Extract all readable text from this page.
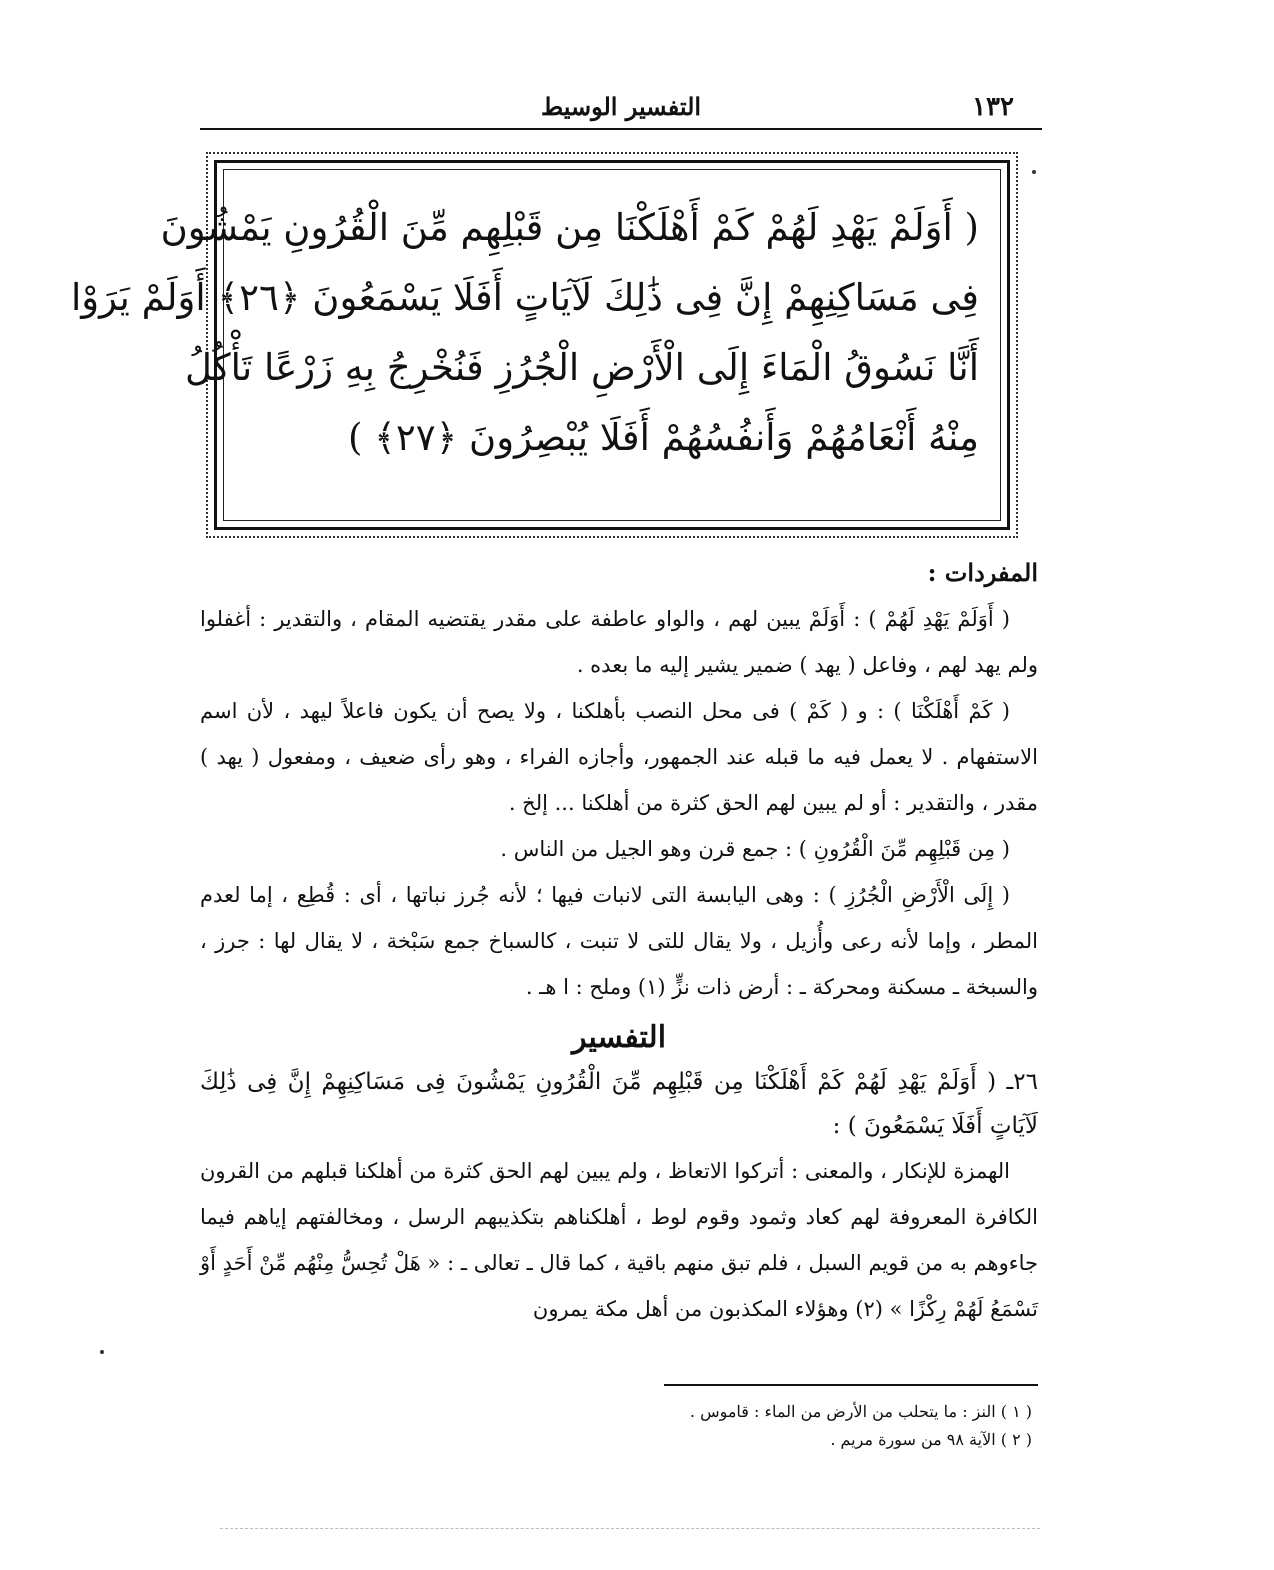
١٣٢
التفسير الوسيط
( أَوَلَمْ يَهْدِ لَهُمْ كَمْ أَهْلَكْنَا مِن قَبْلِهِم مِّنَ الْقُرُونِ يَمْشُونَ
فِى مَسَاكِنِهِمْ إِنَّ فِى ذَٰلِكَ لَآيَاتٍ أَفَلَا يَسْمَعُونَ ﴿٢٦﴾ أَوَلَمْ يَرَوْا
أَنَّا نَسُوقُ الْمَاءَ إِلَى الْأَرْضِ الْجُرُزِ فَنُخْرِجُ بِهِ زَرْعًا تَأْكُلُ
مِنْهُ أَنْعَامُهُمْ وَأَنفُسُهُمْ أَفَلَا يُبْصِرُونَ ﴿٢٧﴾ )

المفردات :

( أَوَلَمْ يَهْدِ لَهُمْ ) : أَوَلَمْ يبين لهم ، والواو عاطفة على مقدر يقتضيه المقام ، والتقدير : أغفلوا ولم يهد لهم ، وفاعل ( يهد ) ضمير يشير إليه ما بعده .

( كَمْ أَهْلَكْنَا ) : و ( كَمْ ) فى محل النصب بأهلكنا ، ولا يصح أن يكون فاعلاً ليهد ، لأن اسم الاستفهام . لا يعمل فيه ما قبله عند الجمهور، وأجازه الفراء ، وهو رأى ضعيف ، ومفعول ( يهد ) مقدر ، والتقدير : أو لم يبين لهم الحق كثرة من أهلكنا ... إلخ .

( مِن قَبْلِهِم مِّنَ الْقُرُونِ ) : جمع قرن وهو الجيل من الناس .

( إِلَى الْأَرْضِ الْجُرُزِ ) : وهى اليابسة التى لانبات فيها ؛ لأنه جُرز نباتها ، أى : قُطِع ، إما لعدم المطر ، وإما لأنه رعى وأُزيل ، ولا يقال للتى لا تنبت ، كالسباخ جمع سَبْخة ، لا يقال لها : جرز ، والسبخة ـ مسكنة ومحركة ـ : أرض ذات نزٍّ (١) وملح : ا هـ .

التفسير

٢٦ـ ( أَوَلَمْ يَهْدِ لَهُمْ كَمْ أَهْلَكْنَا مِن قَبْلِهِم مِّنَ الْقُرُونِ يَمْشُونَ فِى مَسَاكِنِهِمْ إِنَّ فِى ذَٰلِكَ لَآيَاتٍ أَفَلَا يَسْمَعُونَ ) :

الهمزة للإنكار ، والمعنى : أتركوا الاتعاظ ، ولم يبين لهم الحق كثرة من أهلكنا قبلهم من القرون الكافرة المعروفة لهم كعاد وثمود وقوم لوط ، أهلكناهم بتكذيبهم الرسل ، ومخالفتهم إياهم فيما جاءوهم به من قويم السبل ، فلم تبق منهم باقية ، كما قال ـ تعالى ـ : « هَلْ تُحِسُّ مِنْهُم مِّنْ أَحَدٍ أَوْ تَسْمَعُ لَهُمْ رِكْزًا » (٢) وهؤلاء المكذبون من أهل مكة يمرون

( ١ ) النز : ما يتحلب من الأرض من الماء : قاموس .

( ٢ ) الآية ٩٨ من سورة مريم .
